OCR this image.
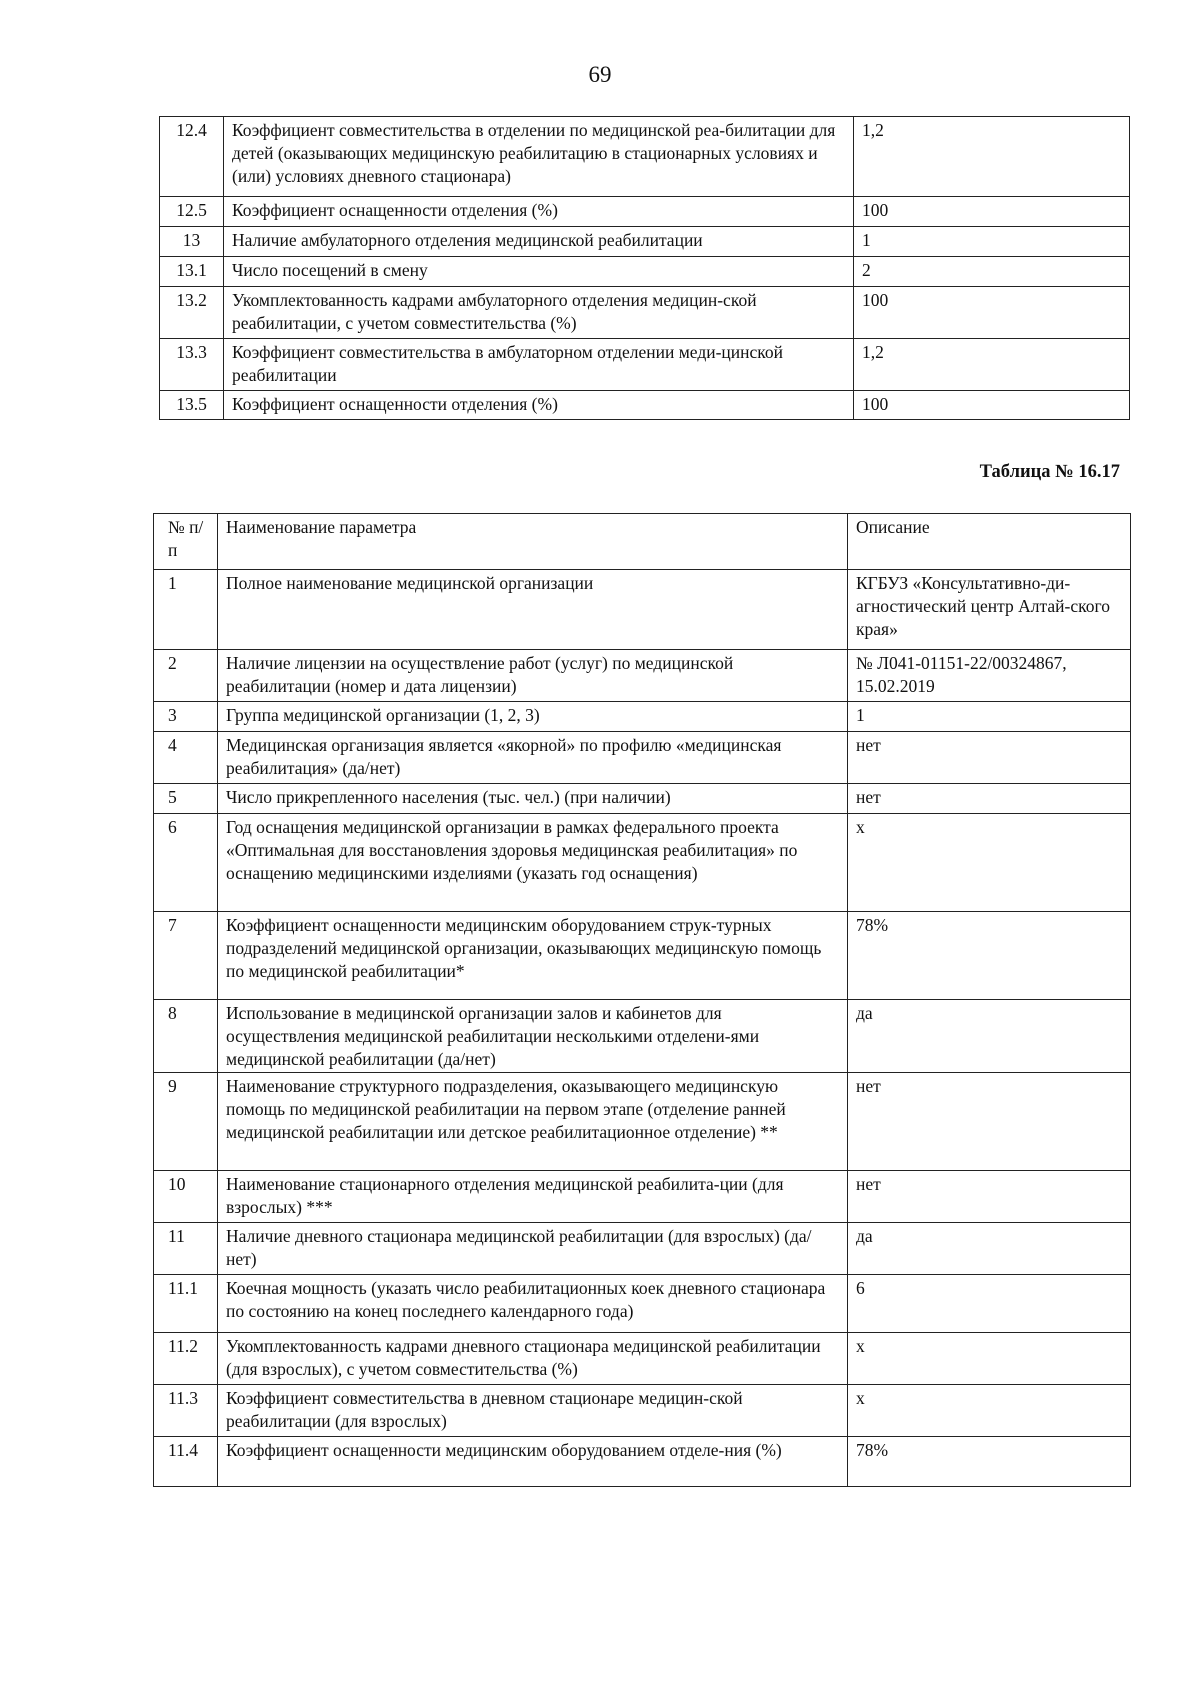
69
12.4	Коэффициент совместительства в отделении по медицинской реа-билитации для детей (оказывающих медицинскую реабилитацию в стационарных условиях и (или) условиях дневного стационара)	1,2
12.5	Коэффициент оснащенности отделения (%)	100
13	Наличие амбулаторного отделения медицинской реабилитации	1
13.1	Число посещений в смену	2
13.2	Укомплектованность кадрами амбулаторного отделения медицин-ской реабилитации, с учетом совместительства (%)	100
13.3	Коэффициент совместительства в амбулаторном отделении меди-цинской реабилитации	1,2
13.5	Коэффициент оснащенности отделения (%)	100
Таблица № 16.17
№ п/п	Наименование параметра	Описание
1	Полное наименование медицинской организации	КГБУЗ «Консультативно-ди-агностический центр Алтай-ского края»
2	Наличие лицензии на осуществление работ (услуг) по медицинской реабилитации (номер и дата лицензии)	№ Л041-01151-22/00324867, 15.02.2019
3	Группа медицинской организации (1, 2, 3)	1
4	Медицинская организация является «якорной» по профилю «медицинская реабилитация» (да/нет)	нет
5	Число прикрепленного населения (тыс. чел.) (при наличии)	нет
6	Год оснащения медицинской организации в рамках федерального проекта «Оптимальная для восстановления здоровья медицинская реабилитация» по оснащению медицинскими изделиями (указать год оснащения)	x
7	Коэффициент оснащенности медицинским оборудованием струк-турных подразделений медицинской организации, оказывающих медицинскую помощь по медицинской реабилитации*	78%
8	Использование в медицинской организации залов и кабинетов для осуществления медицинской реабилитации несколькими отделени-ями медицинской реабилитации (да/нет)	да
9	Наименование структурного подразделения, оказывающего медицинскую помощь по медицинской реабилитации на первом этапе (отделение ранней медицинской реабилитации или детское реабилитационное отделение) **	нет
10	Наименование стационарного отделения медицинской реабилита-ции (для взрослых) ***	нет
11	Наличие дневного стационара медицинской реабилитации (для взрослых) (да/нет)	да
11.1	Коечная мощность (указать число реабилитационных коек дневного стационара по состоянию на конец последнего календарного года)	6
11.2	Укомплектованность кадрами дневного стационара медицинской реабилитации (для взрослых), с учетом совместительства (%)	x
11.3	Коэффициент совместительства в дневном стационаре медицин-ской реабилитации (для взрослых)	x
11.4	Коэффициент оснащенности медицинским оборудованием отделе-ния (%)	78%
